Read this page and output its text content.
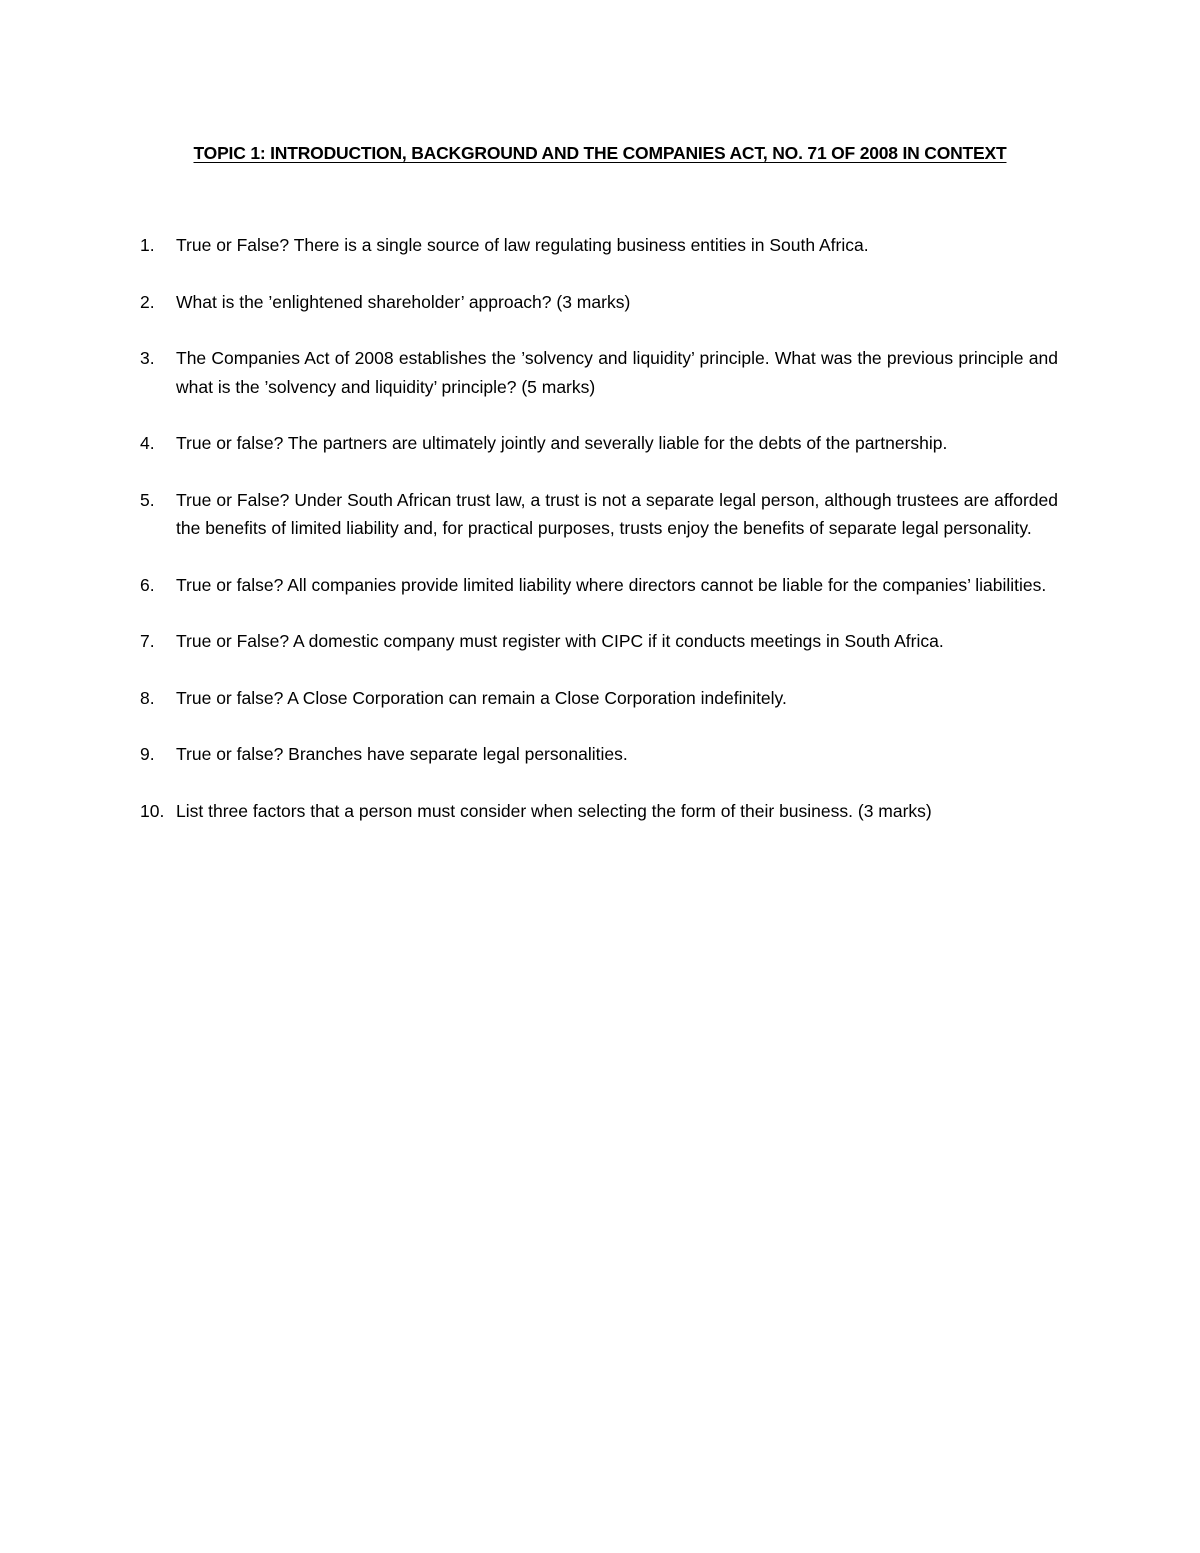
TOPIC 1: INTRODUCTION, BACKGROUND AND THE COMPANIES ACT, NO. 71 OF 2008 IN CONTEXT
1.	True or False? There is a single source of law regulating business entities in South Africa.
2.	What is the ’enlightened shareholder’ approach? (3 marks)
3.	The Companies Act of 2008 establishes the ’solvency and liquidity’ principle. What was the previous principle and what is the ’solvency and liquidity’ principle? (5 marks)
4.	True or false? The partners are ultimately jointly and severally liable for the debts of the partnership.
5.	True or False? Under South African trust law, a trust is not a separate legal person, although trustees are afforded the benefits of limited liability and, for practical purposes, trusts enjoy the benefits of separate legal personality.
6.	True or false? All companies provide limited liability where directors cannot be liable for the companies’ liabilities.
7.	True or False? A domestic company must register with CIPC if it conducts meetings in South Africa.
8.	True or false? A Close Corporation can remain a Close Corporation indefinitely.
9.	True or false? Branches have separate legal personalities.
10. List three factors that a person must consider when selecting the form of their business. (3 marks)
